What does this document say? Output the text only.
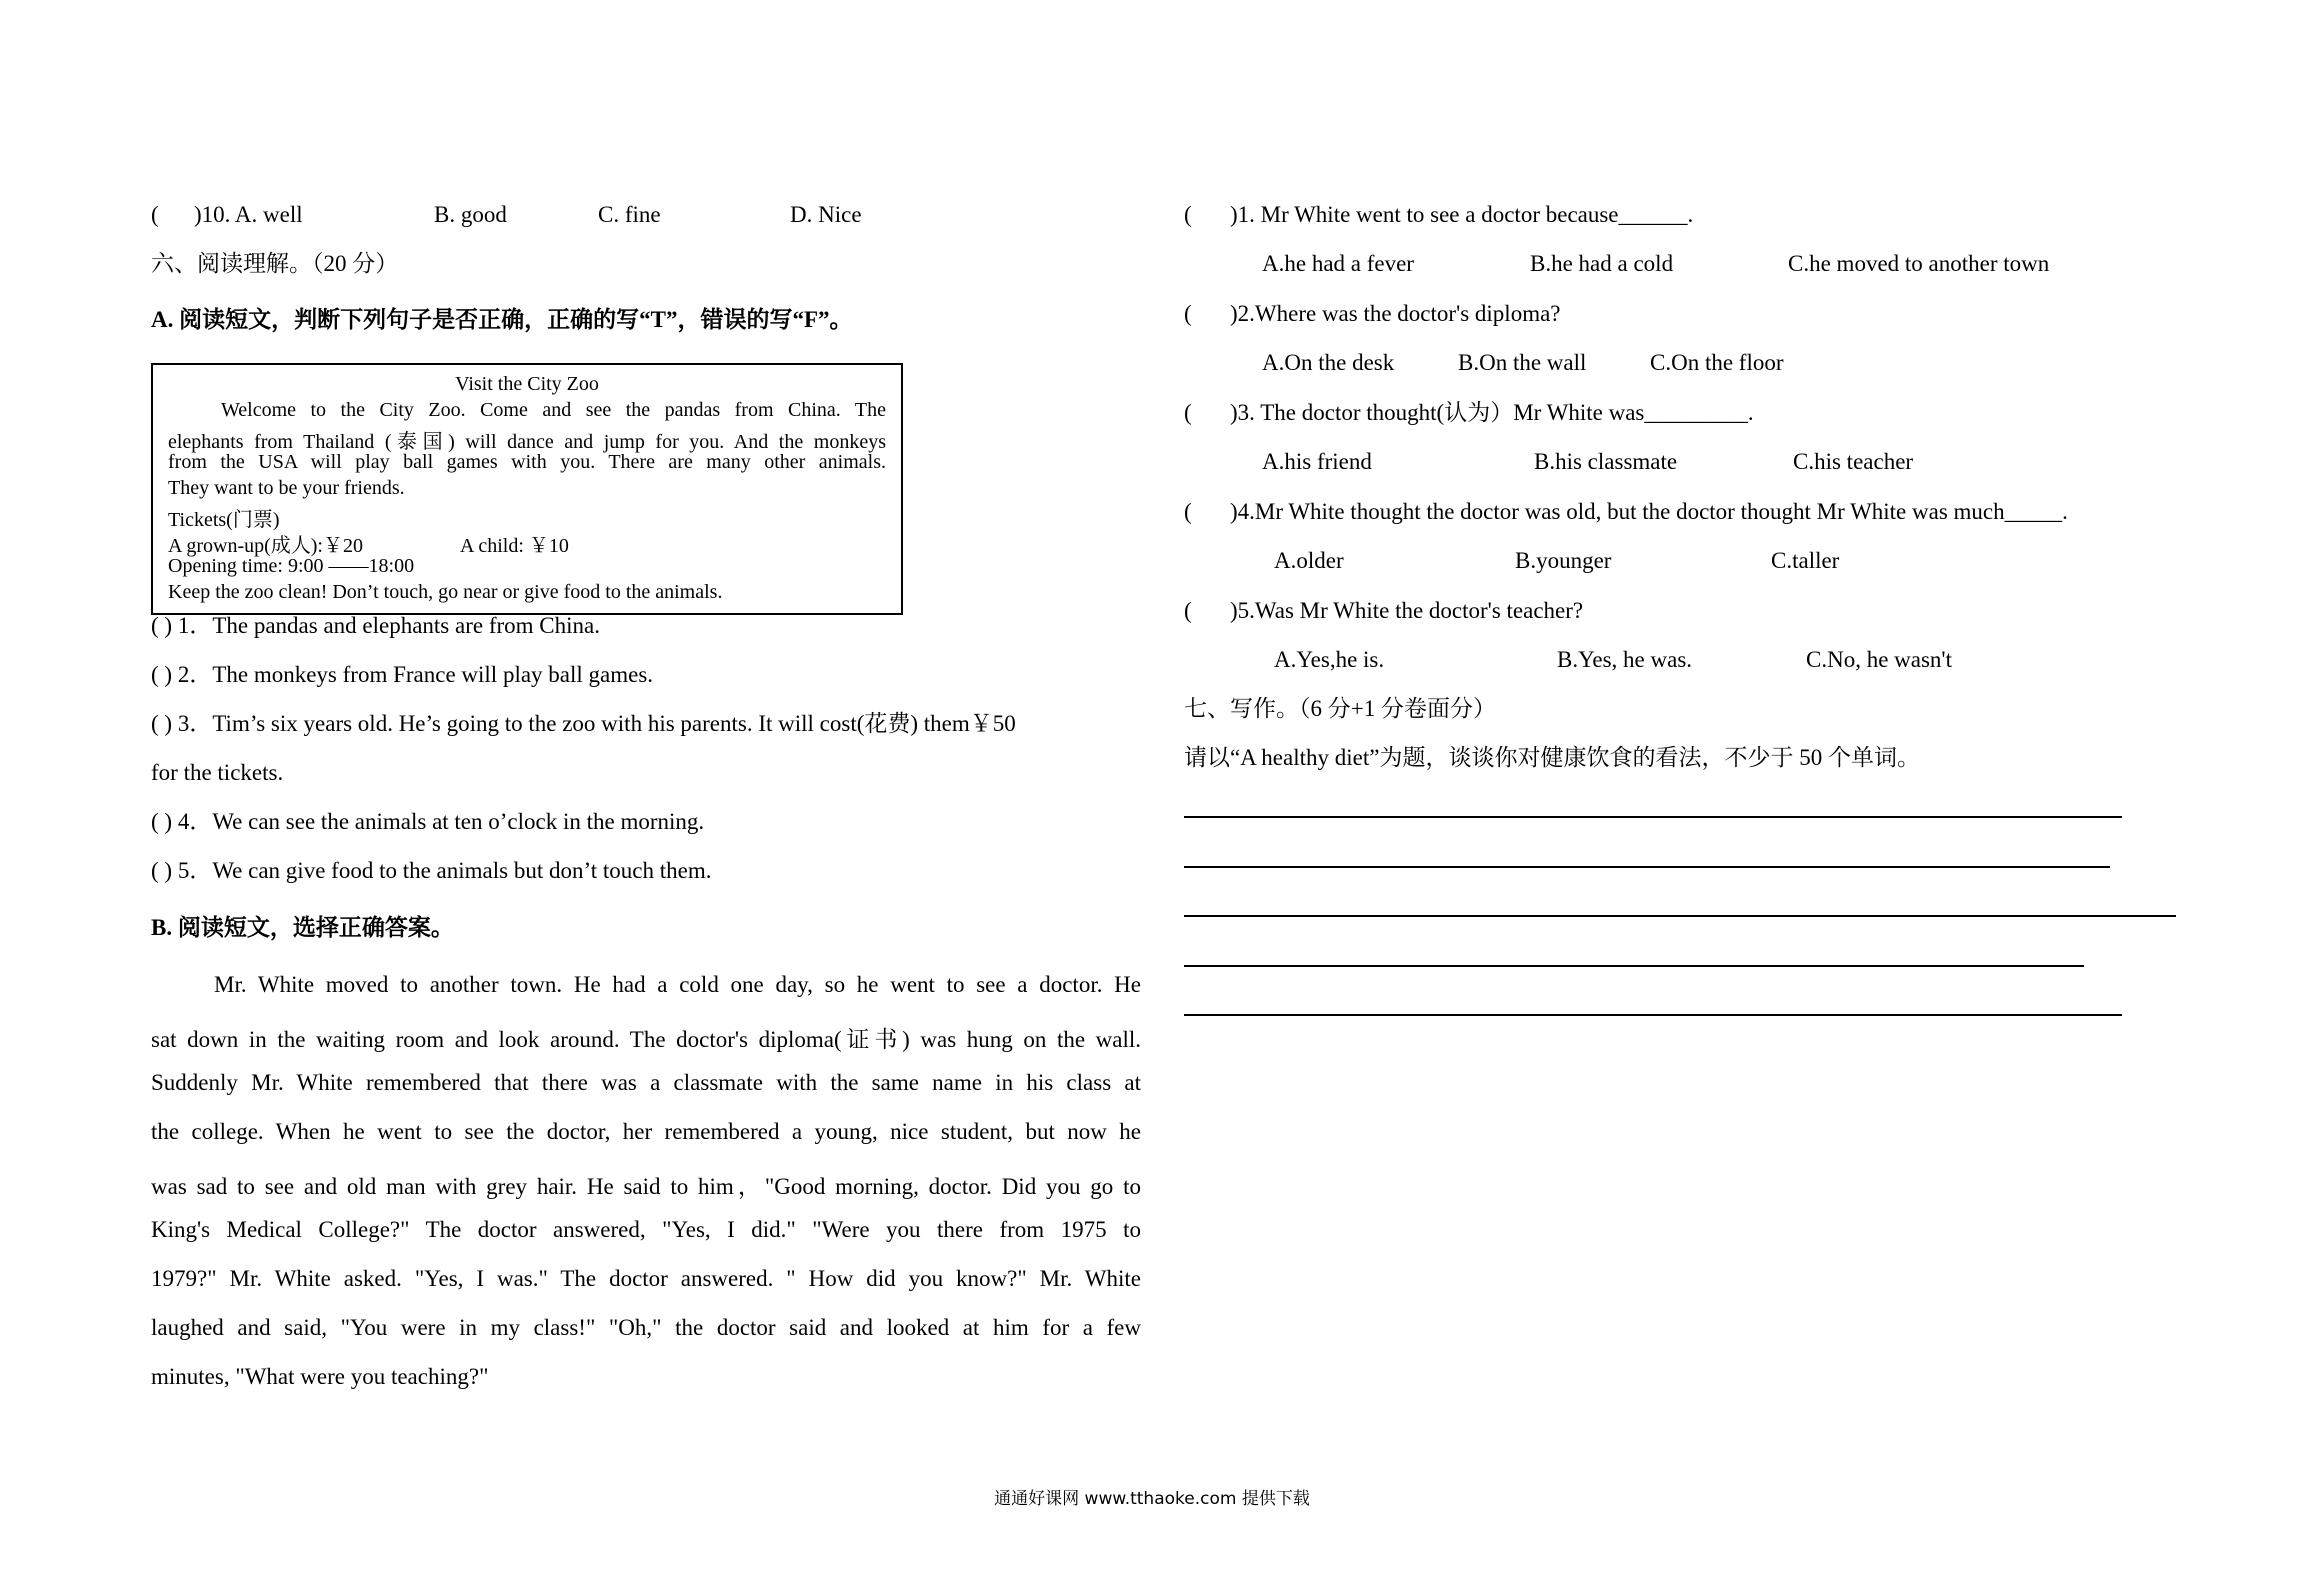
( )10. A. well	B. good	C. fine	D. Nice
六、阅读理解。（20 分）
A. 阅读短文，判断下列句子是否正确，正确的写“T”，错误的写“F”。
Visit the City Zoo
Welcome to the City Zoo. Come and see the pandas from China. The
elephants from Thailand (泰国) will dance and jump for you. And the monkeys
from the USA will play ball games with you. There are many other animals.
They want to be your friends.
Tickets(门票)
A grown-up(成人):￥20	A child: ￥10
Opening time: 9:00 ——18:00
Keep the zoo clean! Don’t touch, go near or give food to the animals.
( ) 1．The pandas and elephants are from China.
( ) 2．The monkeys from France will play ball games.
( ) 3．Tim’s six years old. He’s going to the zoo with his parents. It will cost(花费) them￥50
for the tickets.
( ) 4．We can see the animals at ten o’clock in the morning.
( ) 5．We can give food to the animals but don’t touch them.
B. 阅读短文，选择正确答案。
Mr. White moved to another town. He had a cold one day, so he went to see a doctor. He
sat down in the waiting room and look around. The doctor's diploma(证书) was hung on the wall.
Suddenly Mr. White remembered that there was a classmate with the same name in his class at
the college. When he went to see the doctor, her remembered a young, nice student, but now he
was sad to see and old man with grey hair. He said to him，"Good morning, doctor. Did you go to
King's Medical College?" The doctor answered, "Yes, I did." "Were you there from 1975 to
1979?" Mr. White asked. "Yes, I was." The doctor answered. " How did you know?" Mr. White
laughed and said, "You were in my class!" "Oh," the doctor said and looked at him for a few
minutes, "What were you teaching?"
( )1. Mr White went to see a doctor because______.
A.he had a fever	B.he had a cold	C.he moved to another town
( )2.Where was the doctor's diploma?
A.On the desk	B.On the wall	C.On the floor
( )3. The doctor thought(认为）Mr White was_________.
A.his friend	B.his classmate	C.his teacher
( )4.Mr White thought the doctor was old, but the doctor thought Mr White was much_____.
A.older	B.younger	C.taller
( )5.Was Mr White the doctor's teacher?
A.Yes,he is.	B.Yes, he was.	C.No, he wasn't
七、写作。（6 分+1 分卷面分）
请以“A healthy diet”为题，谈谈你对健康饮食的看法，不少于 50 个单词。
通通好课网 www.tthaoke.com 提供下载
